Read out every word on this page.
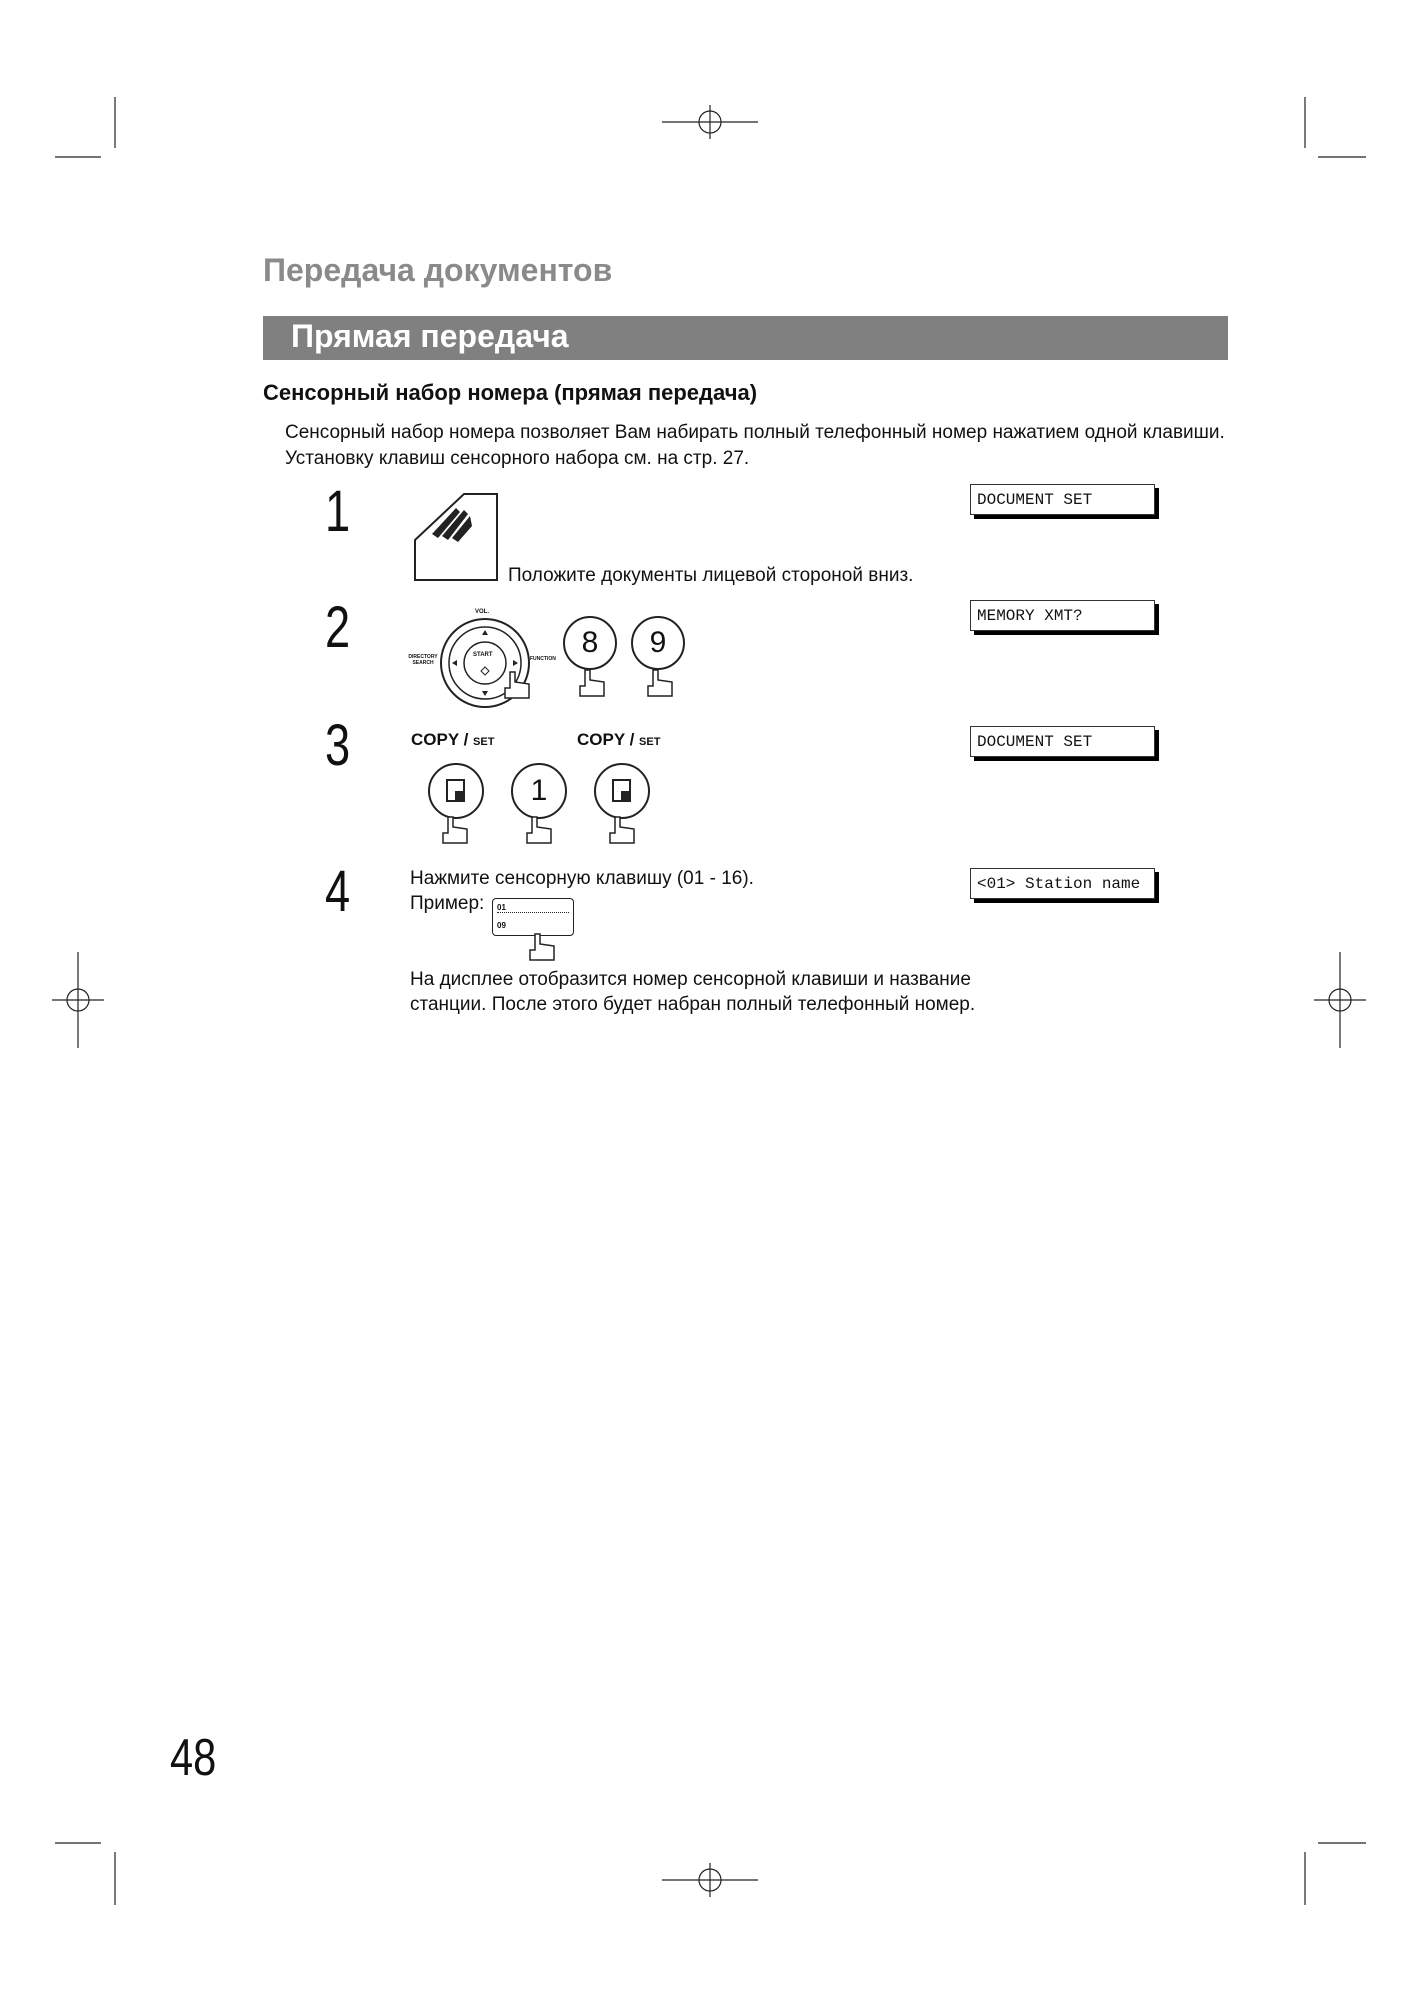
Передача документов
Прямая передача
Сенсорный набор номера (прямая передача)
Сенсорный набор номера позволяет Вам набирать полный телефонный номер нажатием одной клавиши. Установку клавиш сенсорного набора см. на стр. 27.
1
Положите документы лицевой стороной вниз.
DOCUMENT SET
2	VOL.
DIRECTORY SEARCH
START
FUNCTION 8	9
MEMORY XMT?
3	COPY / SET	COPY / SET
1
DOCUMENT SET
4	Нажмите сенсорную клавишу (01 - 16).
Пример: 01
09
На дисплее отобразится номер сенсорной клавиши и название
станции. После этого будет набран полный телефонный номер.
<01> Station name
48
